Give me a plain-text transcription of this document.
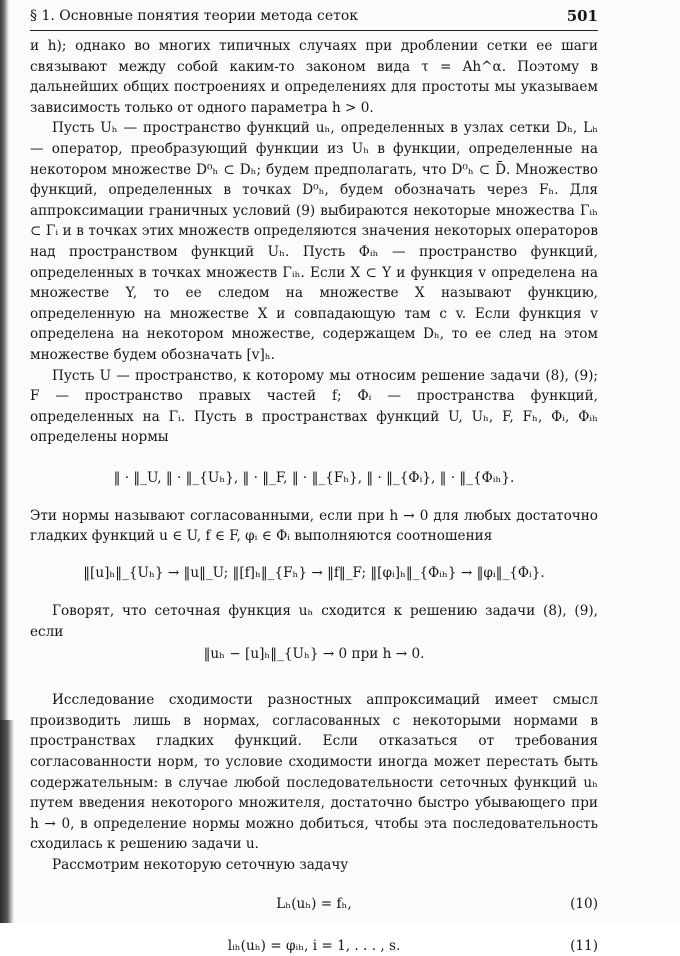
§ 1. Основные понятия теории метода сеток	501

и h); однако во многих типичных случаях при дроблении сетки ее шаги связывают между собой каким-то законом вида τ = Ah^α. Поэтому в дальнейших общих построениях и определениях для простоты мы указываем зависимость только от одного параметра h > 0.

Пусть Uₕ — пространство функций uₕ, определенных в узлах сетки Dₕ, Lₕ — оператор, преобразующий функции из Uₕ в функции, определенные на некотором множестве D⁰ₕ ⊂ Dₕ; будем предполагать, что D⁰ₕ ⊂ D̄. Множество функций, определенных в точках D⁰ₕ, будем обозначать через Fₕ. Для аппроксимации граничных условий (9) выбираются некоторые множества Γᵢₕ ⊂ Γᵢ и в точках этих множеств определяются значения некоторых операторов над пространством функций Uₕ. Пусть Φᵢₕ — пространство функций, определенных в точках множеств Γᵢₕ. Если X ⊂ Y и функция v определена на множестве Y, то ее следом на множестве X называют функцию, определенную на множестве X и совпадающую там с v. Если функция v определена на некотором множестве, содержащем Dₕ, то ее след на этом множестве будем обозначать [v]ₕ.

Пусть U — пространство, к которому мы относим решение задачи (8), (9); F — пространство правых частей f; Φᵢ — пространства функций, определенных на Γᵢ. Пусть в пространствах функций U, Uₕ, F, Fₕ, Φᵢ, Φᵢₕ определены нормы

‖ · ‖_U, ‖ · ‖_{Uₕ}, ‖ · ‖_F, ‖ · ‖_{Fₕ}, ‖ · ‖_{Φᵢ}, ‖ · ‖_{Φᵢₕ}.

Эти нормы называют согласованными, если при h → 0 для любых достаточно гладких функций u ∈ U, f ∈ F, φᵢ ∈ Φᵢ выполняются соотношения

‖[u]ₕ‖_{Uₕ} → ‖u‖_U; ‖[f]ₕ‖_{Fₕ} → ‖f‖_F; ‖[φᵢ]ₕ‖_{Φᵢₕ} → ‖φᵢ‖_{Φᵢ}.

Говорят, что сеточная функция uₕ сходится к решению задачи (8), (9), если

‖uₕ − [u]ₕ‖_{Uₕ} → 0 при h → 0.

Исследование сходимости разностных аппроксимаций имеет смысл производить лишь в нормах, согласованных с некоторыми нормами в пространствах гладких функций. Если отказаться от требования согласованности норм, то условие сходимости иногда может перестать быть содержательным: в случае любой последовательности сеточных функций uₕ путем введения некоторого множителя, достаточно быстро убывающего при h → 0, в определение нормы можно добиться, чтобы эта последовательность сходилась к решению задачи u.

Рассмотрим некоторую сеточную задачу

Lₕ(uₕ) = fₕ,	(10)
lᵢₕ(uₕ) = φᵢₕ, i = 1, . . . , s.	(11)
